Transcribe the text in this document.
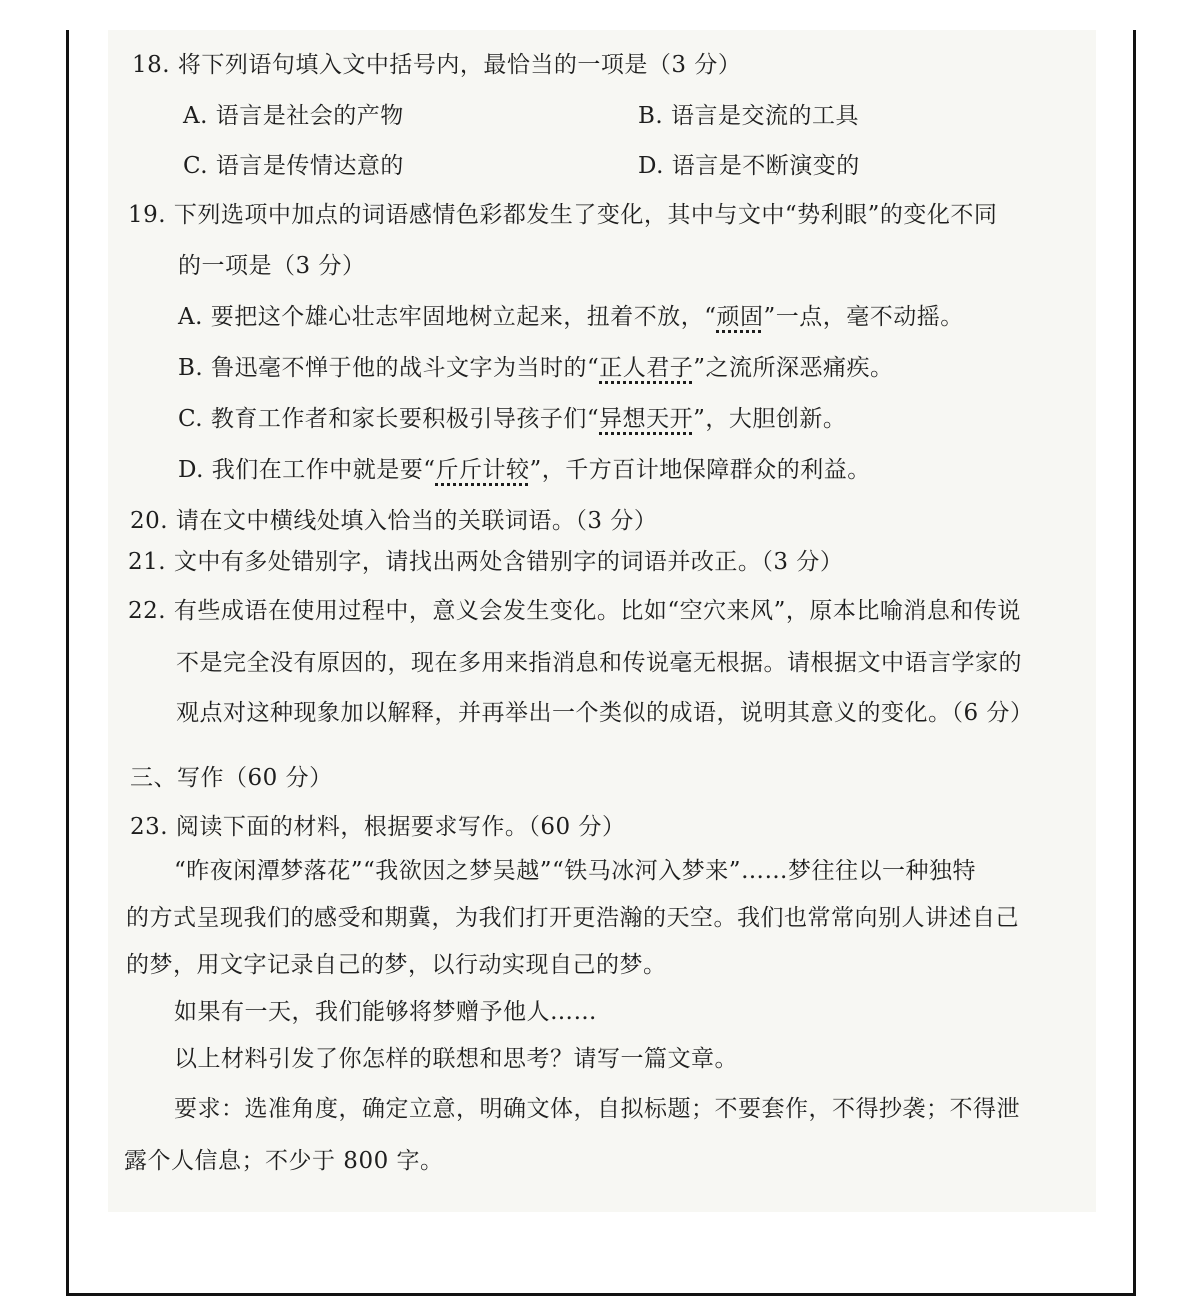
18. 将下列语句填入文中括号内，最恰当的一项是（3 分）
A. 语言是社会的产物	B. 语言是交流的工具
C. 语言是传情达意的	D. 语言是不断演变的
19. 下列选项中加点的词语感情色彩都发生了变化，其中与文中“势利眼”的变化不同
的一项是（3 分）
A. 要把这个雄心壮志牢固地树立起来，扭着不放，“顽固”一点，毫不动摇。
B. 鲁迅毫不惮于他的战斗文字为当时的“正人君子”之流所深恶痛疾。
C. 教育工作者和家长要积极引导孩子们“异想天开”，大胆创新。
D. 我们在工作中就是要“斤斤计较”，千方百计地保障群众的利益。
20. 请在文中横线处填入恰当的关联词语。（3 分）
21. 文中有多处错别字，请找出两处含错别字的词语并改正。（3 分）
22. 有些成语在使用过程中，意义会发生变化。比如“空穴来风”，原本比喻消息和传说
不是完全没有原因的，现在多用来指消息和传说毫无根据。请根据文中语言学家的
观点对这种现象加以解释，并再举出一个类似的成语，说明其意义的变化。（6 分）
三、写作（60 分）
23. 阅读下面的材料，根据要求写作。（60 分）
“昨夜闲潭梦落花”“我欲因之梦吴越”“铁马冰河入梦来”……梦往往以一种独特
的方式呈现我们的感受和期冀，为我们打开更浩瀚的天空。我们也常常向别人讲述自己
的梦，用文字记录自己的梦，以行动实现自己的梦。
如果有一天，我们能够将梦赠予他人……
以上材料引发了你怎样的联想和思考？请写一篇文章。
要求：选准角度，确定立意，明确文体，自拟标题；不要套作，不得抄袭；不得泄
露个人信息；不少于 800 字。
